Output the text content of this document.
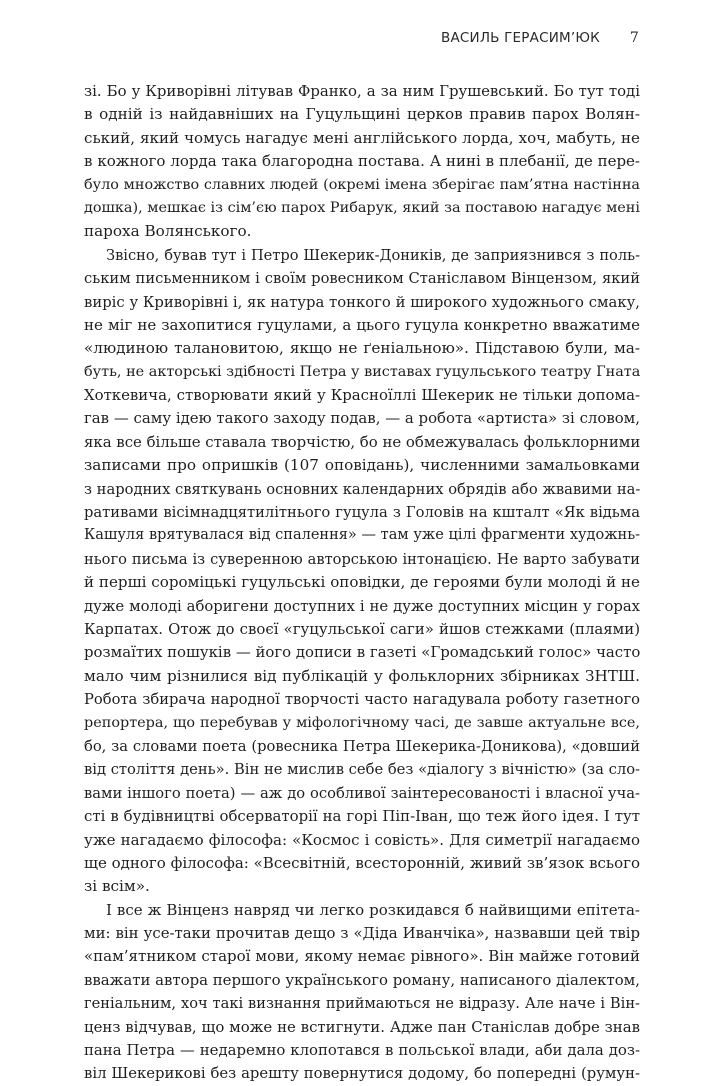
ВАСИЛЬ ГЕРАСИМ’ЮК 7
зі. Бо у Криворівні літував Франко, а за ним Грушевський. Бо тут тоді
в одній із найдавніших на Гуцульщині церков правив парох Волян-
ський, який чомусь нагадує мені англійського лорда, хоч, мабуть, не
в кожного лорда така благородна постава. А нині в плебанії, де пере-
було множство славних людей (окремі імена зберігає пам’ятна настінна
дошка), мешкає із сім’єю парох Рибарук, який за поставою нагадує мені
пароха Волянського.
Звісно, бував тут і Петро Шекерик-Доників, де заприязнився з поль-
ським письменником і своїм ровесником Станіславом Вінцензом, який
виріс у Криворівні і, як натура тонкого й широкого художнього смаку,
не міг не захопитися гуцулами, а цього гуцула конкретно вважатиме
«людиною талановитою, якщо не ґеніальною». Підставою були, ма-
буть, не акторські здібності Петра у виставах гуцульського театру Гната
Хоткевича, створювати який у Красноїллі Шекерик не тільки допома-
гав — саму ідею такого заходу подав, — а робота «артиста» зі словом,
яка все більше ставала творчістю, бо не обмежувалась фольклорними
записами про опришків (107 оповідань), численними замальовками
з народних святкувань основних календарних обрядів або жвавими на-
ративами вісімнадцятилітнього гуцула з Головів на кшталт «Як відьма
Кашуля врятувалася від спалення» — там уже цілі фрагменти художнь-
нього письма із суверенною авторською інтонацією. Не варто забувати
й перші сороміцькі гуцульські оповідки, де героями були молоді й не
дуже молоді аборигени доступних і не дуже доступних місцин у горах
Карпатах. Отож до своєї «гуцульської саги» йшов стежками (плаями)
розмаїтих пошуків — його дописи в газеті «Громадський голос» часто
мало чим різнилися від публікацій у фольклорних збірниках ЗНТШ.
Робота збирача народної творчості часто нагадувала роботу газетного
репортера, що перебував у міфологічному часі, де завше актуальне все,
бо, за словами поета (ровесника Петра Шекерика-Доникова), «довший
від століття день». Він не мислив себе без «діалогу з вічністю» (за сло-
вами іншого поета) — аж до особливої заінтересованості і власної уча-
сті в будівництві обсерваторії на горі Піп-Іван, що теж його ідея. І тут
уже нагадаємо філософа: «Космос і совість». Для симетрії нагадаємо
ще одного філософа: «Всесвітній, всесторонній, живий зв’язок всього
зі всім».
І все ж Вінценз навряд чи легко розкидався б найвищими епітета-
ми: він усе-таки прочитав дещо з «Діда Иванчіка», назвавши цей твір
«пам’ятником старої мови, якому немає рівного». Він майже готовий
вважати автора першого українського роману, написаного діалектом,
геніальним, хоч такі визнання приймаються не відразу. Але наче і Він-
ценз відчував, що може не встигнути. Адже пан Станіслав добре знав
пана Петра — недаремно клопотався в польської влади, аби дала доз-
віл Шекерикові без арешту повернутися додому, бо попередні (румун-
